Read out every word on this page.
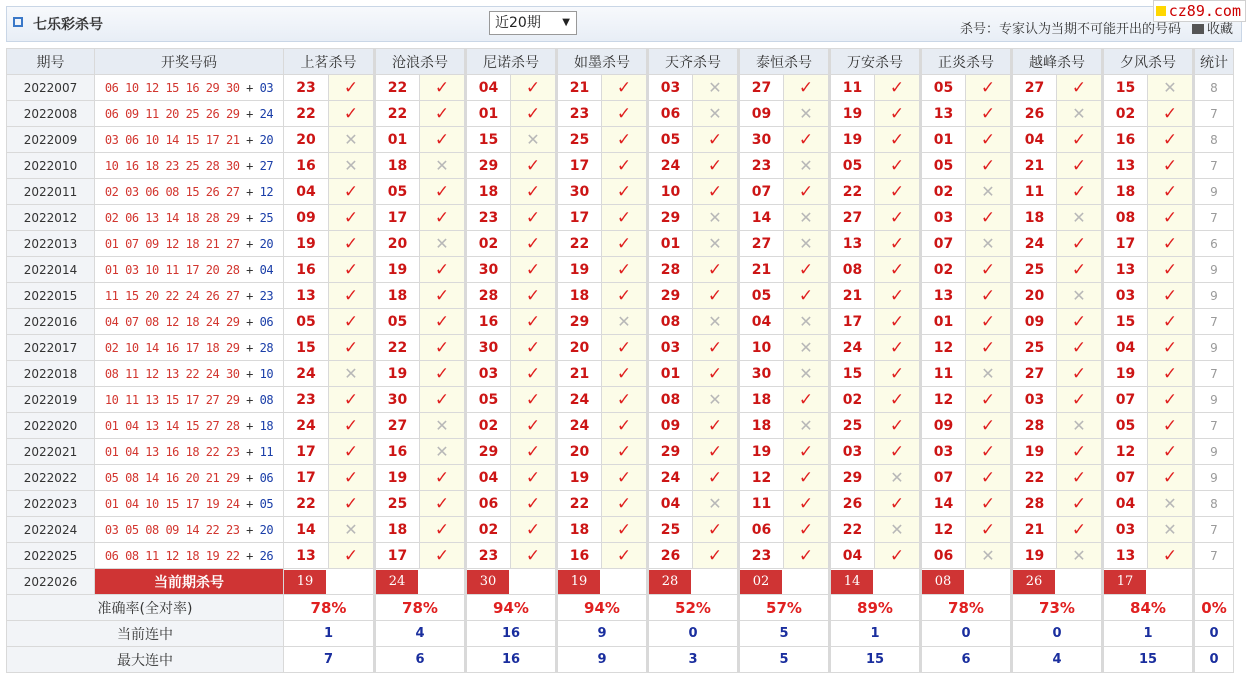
七乐彩杀号	近20期 ▼	杀号：专家认为当期不可能开出的号码	收藏
cz89.com
期号	开奖号码	上茗杀号		沧浪杀号		尼诺杀号		如墨杀号		天齐杀号		泰恒杀号		万安杀号		正炎杀号		越峰杀号		夕风杀号		统计
2022007	06 10 12 15 16 29 30 + 03	23	✓	22	✓	04	✓	21	✓	03	✕	27	✓	11	✓	05	✓	27	✓	15	✕	8
2022008	06 09 11 20 25 26 29 + 24	22	✓	22	✓	01	✓	23	✓	06	✕	09	✕	19	✓	13	✓	26	✕	02	✓	7
2022009	03 06 10 14 15 17 21 + 20	20	✕	01	✓	15	✕	25	✓	05	✓	30	✓	19	✓	01	✓	04	✓	16	✓	8
2022010	10 16 18 23 25 28 30 + 27	16	✕	18	✕	29	✓	17	✓	24	✓	23	✕	05	✓	05	✓	21	✓	13	✓	7
2022011	02 03 06 08 15 26 27 + 12	04	✓	05	✓	18	✓	30	✓	10	✓	07	✓	22	✓	02	✕	11	✓	18	✓	9
2022012	02 06 13 14 18 28 29 + 25	09	✓	17	✓	23	✓	17	✓	29	✕	14	✕	27	✓	03	✓	18	✕	08	✓	7
2022013	01 07 09 12 18 21 27 + 20	19	✓	20	✕	02	✓	22	✓	01	✕	27	✕	13	✓	07	✕	24	✓	17	✓	6
2022014	01 03 10 11 17 20 28 + 04	16	✓	19	✓	30	✓	19	✓	28	✓	21	✓	08	✓	02	✓	25	✓	13	✓	9
2022015	11 15 20 22 24 26 27 + 23	13	✓	18	✓	28	✓	18	✓	29	✓	05	✓	21	✓	13	✓	20	✕	03	✓	9
2022016	04 07 08 12 18 24 29 + 06	05	✓	05	✓	16	✓	29	✕	08	✕	04	✕	17	✓	01	✓	09	✓	15	✓	7
2022017	02 10 14 16 17 18 29 + 28	15	✓	22	✓	30	✓	20	✓	03	✓	10	✕	24	✓	12	✓	25	✓	04	✓	9
2022018	08 11 12 13 22 24 30 + 10	24	✕	19	✓	03	✓	21	✓	01	✓	30	✕	15	✓	11	✕	27	✓	19	✓	7
2022019	10 11 13 15 17 27 29 + 08	23	✓	30	✓	05	✓	24	✓	08	✕	18	✓	02	✓	12	✓	03	✓	07	✓	9
2022020	01 04 13 14 15 27 28 + 18	24	✓	27	✕	02	✓	24	✓	09	✓	18	✕	25	✓	09	✓	28	✕	05	✓	7
2022021	01 04 13 16 18 22 23 + 11	17	✓	16	✕	29	✓	20	✓	29	✓	19	✓	03	✓	03	✓	19	✓	12	✓	9
2022022	05 08 14 16 20 21 29 + 06	17	✓	19	✓	04	✓	19	✓	24	✓	12	✓	29	✕	07	✓	22	✓	07	✓	9
2022023	01 04 10 15 17 19 24 + 05	22	✓	25	✓	06	✓	22	✓	04	✕	11	✓	26	✓	14	✓	28	✓	04	✕	8
2022024	03 05 08 09 14 22 23 + 20	14	✕	18	✓	02	✓	18	✓	25	✓	06	✓	22	✕	12	✓	21	✓	03	✕	7
2022025	06 08 11 12 18 19 22 + 26	13	✓	17	✓	23	✓	16	✓	26	✓	23	✓	04	✓	06	✕	19	✕	13	✓	7
2022026	当前期杀号	19		24		30		19		28		02		14		08		26		17		

准确率(全对率)		78%		78%		94%		94%		52%		57%		89%		78%		73%		84%		0%
当前连中		1		4		16		9		0		5		1		0		0		1		0
最大连中		7		6		16		9		3		5		15		6		4		15		0
